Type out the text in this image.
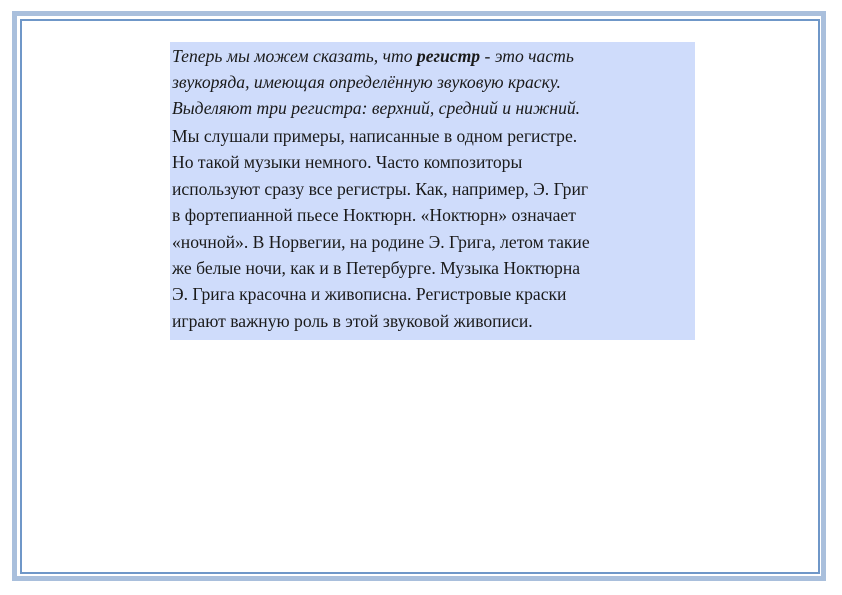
Теперь мы можем сказать, что регистр - это часть
звукоряда, имеющая определённую звуковую краску.
Выделяют три регистра: верхний, средний и нижний.

Мы слушали примеры, написанные в одном регистре.
Но такой музыки немного. Часто композиторы
используют сразу все регистры. Как, например, Э. Григ
в фортепианной пьесе Ноктюрн. «Ноктюрн» означает
«ночной». В Норвегии, на родине Э. Грига, летом такие
же белые ночи, как и в Петербурге. Музыка Ноктюрна
Э. Грига красочна и живописна. Регистровые краски
играют важную роль в этой звуковой живописи.
